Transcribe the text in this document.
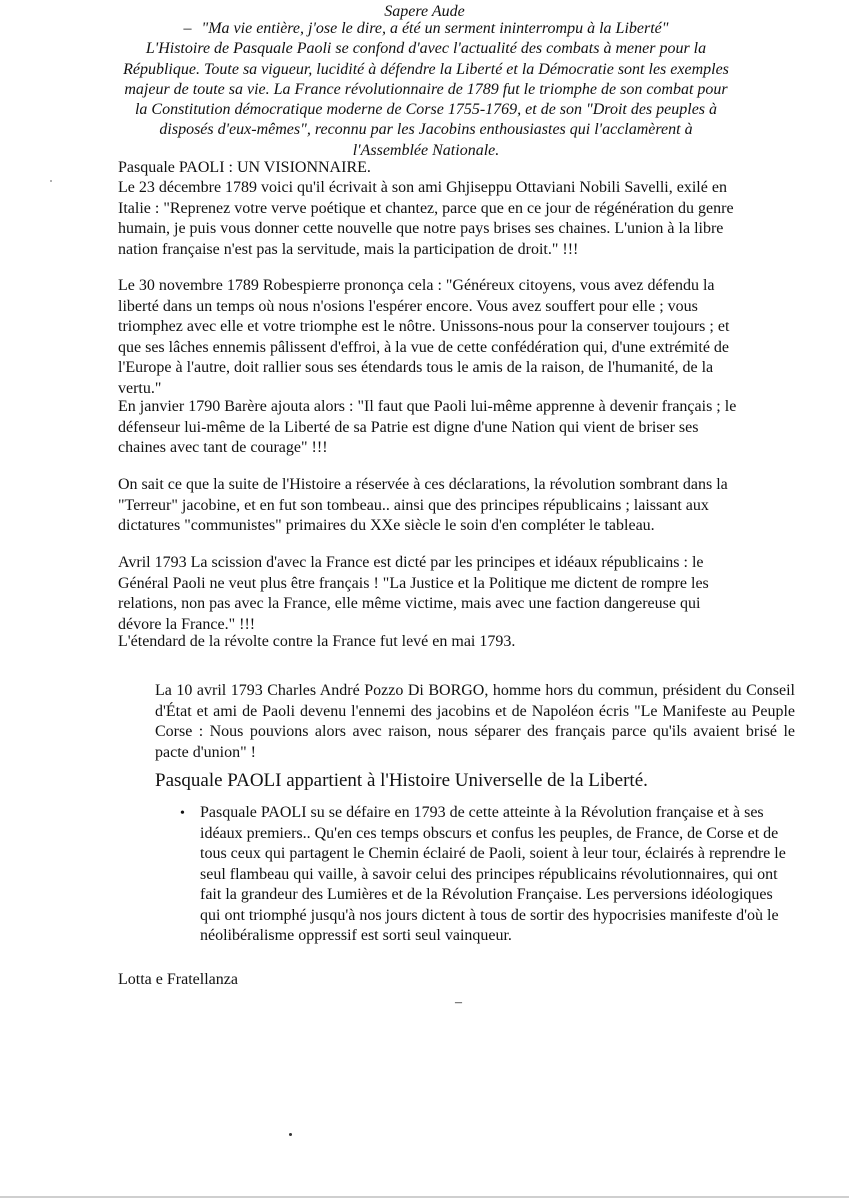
Sapere Aude
– "Ma vie entière, j'ose le dire, a été un serment ininterrompu à la Liberté"
L'Histoire de Pasquale Paoli se confond d'avec l'actualité des combats à mener pour la République. Toute sa vigueur, lucidité à défendre la Liberté et la Démocratie sont les exemples majeur de toute sa vie. La France révolutionnaire de 1789 fut le triomphe de son combat pour la Constitution démocratique moderne de Corse 1755-1769, et de son "Droit des peuples à disposés d'eux-mêmes", reconnu par les Jacobins enthousiastes qui l'acclamèrent à l'Assemblée Nationale.
Pasquale PAOLI : UN VISIONNAIRE.

Le 23 décembre 1789 voici qu'il écrivait à son ami Ghjiseppu Ottaviani Nobili Savelli, exilé en Italie : "Reprenez votre verve poétique et chantez, parce que en ce jour de régénération du genre humain, je puis vous donner cette nouvelle que notre pays brises ses chaines. L'union à la libre nation française n'est pas la servitude, mais la participation de droit." !!!

Le 30 novembre 1789 Robespierre prononça cela : "Généreux citoyens, vous avez défendu la liberté dans un temps où nous n'osions l'espérer encore. Vous avez souffert pour elle ; vous triomphez avec elle et votre triomphe est le nôtre. Unissons-nous pour la conserver toujours ; et que ses lâches ennemis pâlissent d'effroi, à la vue de cette confédération qui, d'une extrémité de l'Europe à l'autre, doit rallier sous ses étendards tous le amis de la raison, de l'humanité, de la vertu."

En janvier 1790 Barère ajouta alors : "Il faut que Paoli lui-même apprenne à devenir français ; le défenseur lui-même de la Liberté de sa Patrie est digne d'une Nation qui vient de briser ses chaines avec tant de courage" !!!

On sait ce que la suite de l'Histoire a réservée à ces déclarations, la révolution sombrant dans la "Terreur" jacobine, et en fut son tombeau.. ainsi que des principes républicains ; laissant aux dictatures "communistes" primaires du XXe siècle le soin d'en compléter le tableau.

Avril 1793 La scission d'avec la France est dicté par les principes et idéaux républicains : le Général Paoli ne veut plus être français ! "La Justice et la Politique me dictent de rompre les relations, non pas avec la France, elle même victime, mais avec une faction dangereuse qui dévore la France." !!!

L'étendard de la révolte contre la France fut levé en mai 1793.

La 10 avril 1793 Charles André Pozzo Di BORGO, homme hors du commun, président du Conseil d'État et ami de Paoli devenu l'ennemi des jacobins et de Napoléon écris "Le Manifeste au Peuple Corse : Nous pouvions alors avec raison, nous séparer des français parce qu'ils avaient brisé le pacte d'union" !
Pasquale PAOLI appartient à l'Histoire Universelle de la Liberté.
• Pasquale PAOLI su se défaire en 1793 de cette atteinte à la Révolution française et à ses idéaux premiers.. Qu'en ces temps obscurs et confus les peuples, de France, de Corse et de tous ceux qui partagent le Chemin éclairé de Paoli, soient à leur tour, éclairés à reprendre le seul flambeau qui vaille, à savoir celui des principes républicains révolutionnaires, qui ont fait la grandeur des Lumières et de la Révolution Française. Les perversions idéologiques qui ont triomphé jusqu'à nos jours dictent à tous de sortir des hypocrisies manifeste d'où le néolibéralisme oppressif est sorti seul vainqueur.
Lotta e Fratellanza
–
